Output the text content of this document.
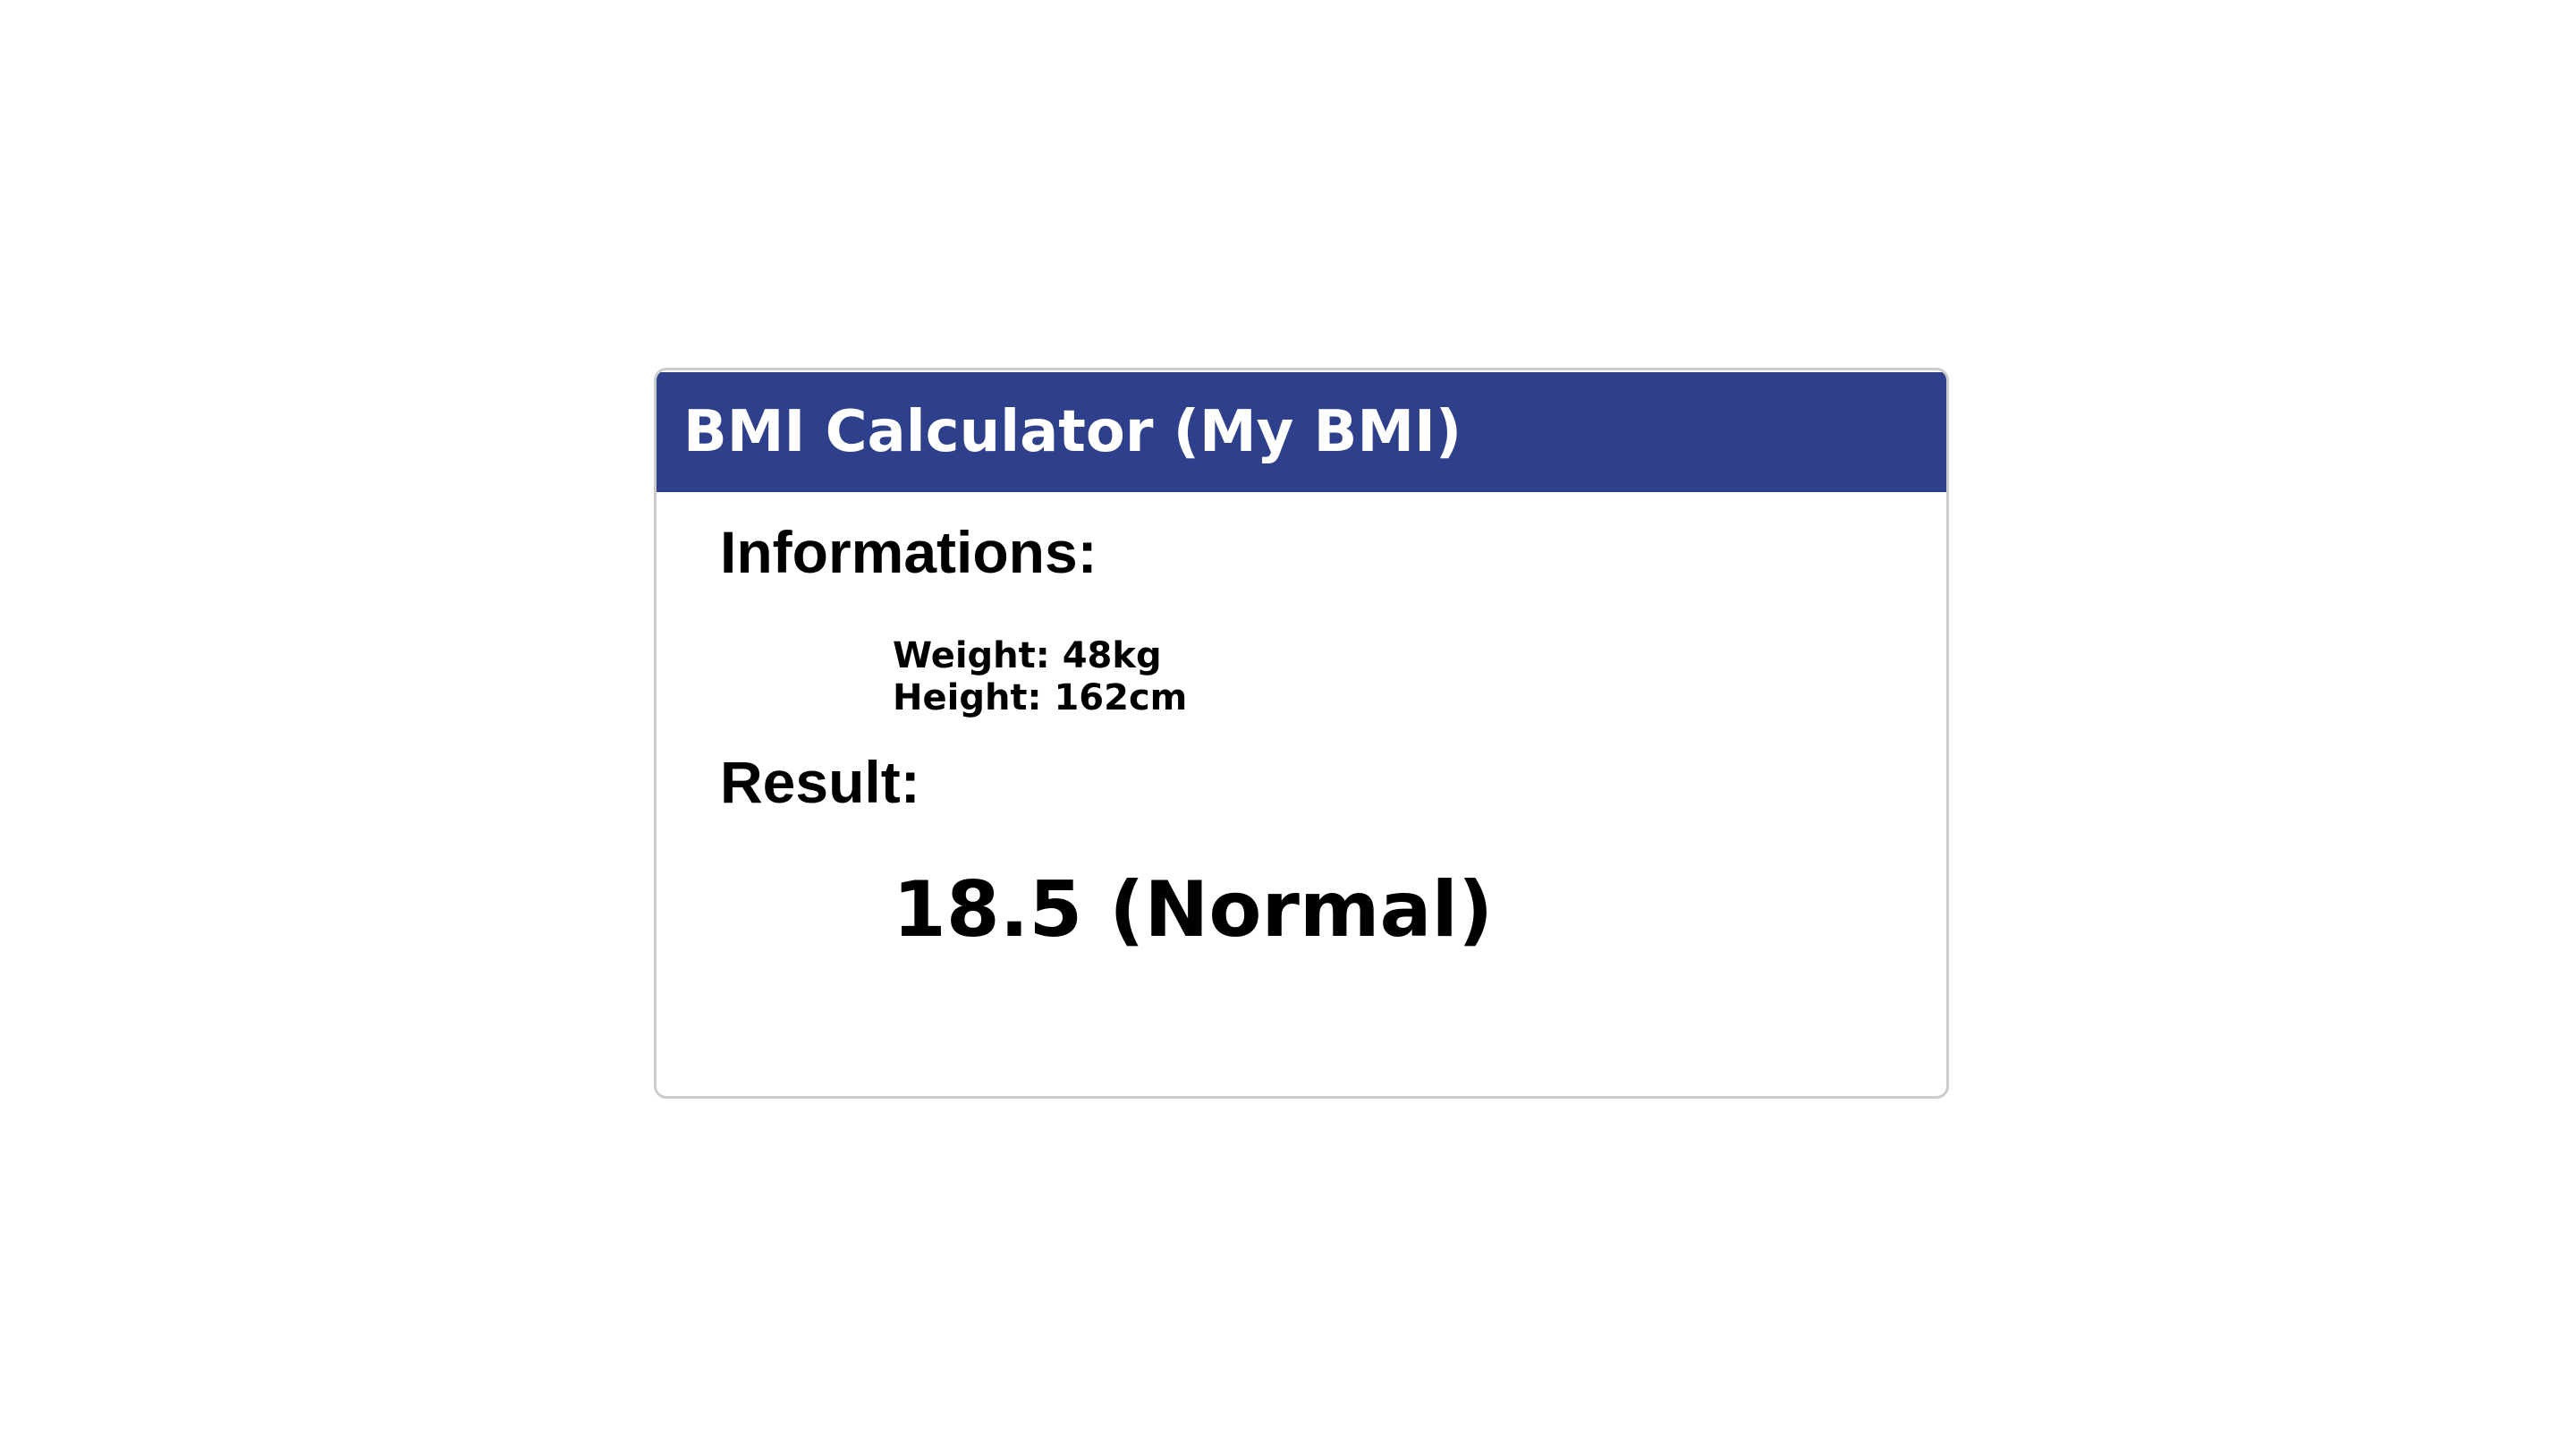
BMI Calculator (My BMI)
Informations:
Weight: 48kg
Height: 162cm
Result:
18.5 (Normal)
